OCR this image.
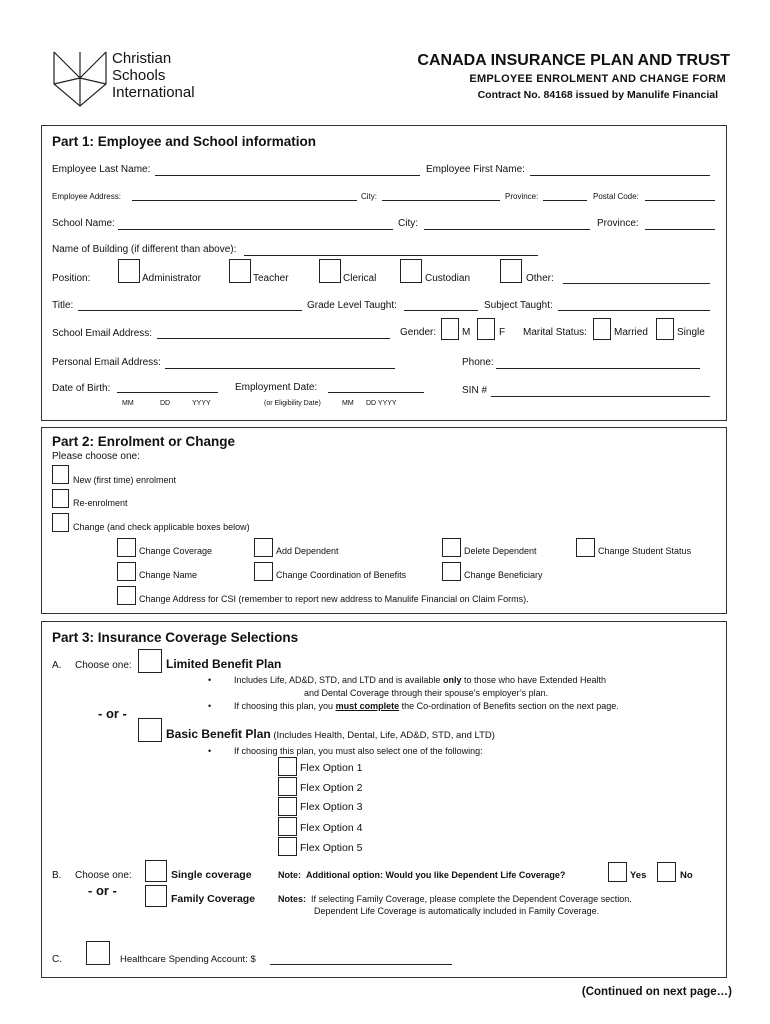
Christian
Schools
International
CANADA INSURANCE PLAN AND TRUST
EMPLOYEE ENROLMENT AND CHANGE FORM
Contract No. 84168 issued by Manulife Financial
Part 1: Employee and School information
Employee Last Name:	Employee First Name:
Employee Address:	City:	Province:	Postal Code:
School Name:	City:	Province:
Name of Building (if different than above):
Position:	Administrator	Teacher	Clerical	Custodian	Other:
Title:	Grade Level Taught:	Subject Taught:
School Email Address:	Gender:	M	F Marital Status:	Married	Single
Personal Email Address:	Phone:
Date of Birth:
MM	DD	YYYY
Employment Date:
(or Eligibility Date)	MM DD YYYY
SIN #
Part 2: Enrolment or Change
Please choose one:
New (first time) enrolment
Re-enrolment
Change (and check applicable boxes below)
Change Coverage	Add Dependent	Delete Dependent	Change Student Status
Change Name	Change Coordination of Benefits	Change Beneficiary
Change Address for CSI (remember to report new address to Manulife Financial on Claim Forms).
Part 3: Insurance Coverage Selections
A. Choose one:	Limited Benefit Plan
Includes Life, AD&D, STD, and LTD and is available only to those who have Extended Health
and Dental Coverage through their spouse’s employer’s plan.
If choosing this plan, you must complete the Co-ordination of Benefits section on the next page.
- or -
Basic Benefit Plan (Includes Health, Dental, Life, AD&D, STD, and LTD)
If choosing this plan, you must also select one of the following:
Flex Option 1
Flex Option 2
Flex Option 3
Flex Option 4
Flex Option 5
B. Choose one:	Single coverage
- or -
Family Coverage
Note: Additional option: Would you like Dependent Life Coverage?	Yes	No
Notes: If selecting Family Coverage, please complete the Dependent Coverage section.
Dependent Life Coverage is automatically included in Family Coverage.
C.	Healthcare Spending Account: $
(Continued on next page…)
